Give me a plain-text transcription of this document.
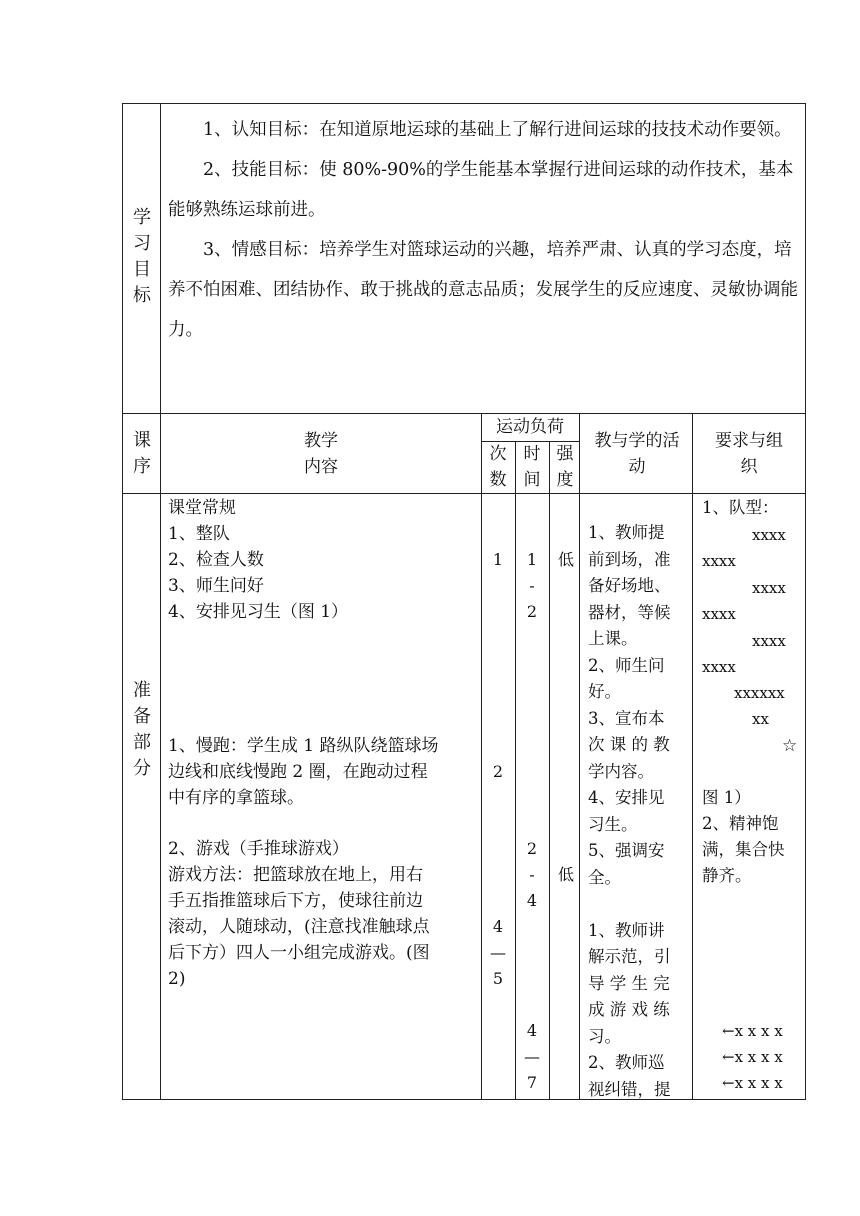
学习目标

1、认知目标：在知道原地运球的基础上了解行进间运球的技技术动作要领。

2、技能目标：使 80%-90%的学生能基本掌握行进间运球的动作技术，基本能够熟练运球前进。

3、情感目标：培养学生对篮球运动的兴趣，培养严肃、认真的学习态度，培养不怕困难、团结协作、敢于挑战的意志品质；发展学生的反应速度、灵敏协调能力。

课序
教学
内容
运动负荷
次数
时间
强度
教与学的活动
要求与组
织
准备部分
课堂常规
1、整队
2、检查人数
3、师生问好
4、安排见习生（图 1）
1、慢跑：学生成 1 路纵队绕篮球场
边线和底线慢跑 2 圈，在跑动过程
中有序的拿篮球。
2、游戏（手推球游戏）
游戏方法：把篮球放在地上，用右
手五指推篮球后下方，使球往前边
滚动，人随球动，(注意找准触球点
后下方）四人一小组完成游戏。(图
2)
1
2
4
—
5
1
-
2
2
-
4
4
—
7
低
低
1、教师提
前到场，准
备好场地、
器材，等候
上课。
2、师生问
好。
3、宣布本
次 课 的 教
学内容。
4、安排见
习生。
5、强调安
全。
1、教师讲
解示范，引
导 学 生 完
成 游 戏 练
习。
2、教师巡
视纠错，提
1、队型：
xxxx
xxxx
xxxx
xxxx
xxxx
xxxx
xxxxxx
xx
☆
图 1）
2、精神饱
满，集合快
静齐。
←x x x x
←x x x x
←x x x x
